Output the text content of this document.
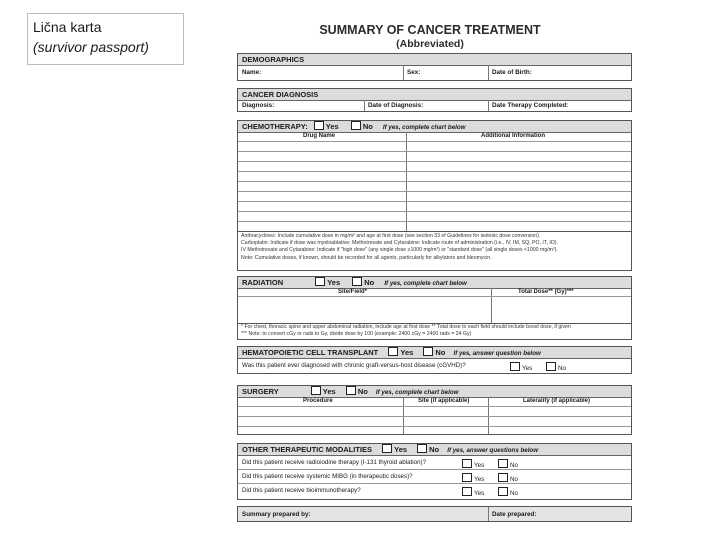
Lična karta
(survivor passport)
SUMMARY OF CANCER TREATMENT
(Abbreviated)
DEMOGRAPHICS
Name:	Sex:	Date of Birth:
CANCER DIAGNOSIS
Diagnosis:	Date of Diagnosis:	Date Therapy Completed:
CHEMOTHERAPY: Yes	No If yes, complete chart below
Drug Name	Additional Information
Anthracyclines: Include cumulative dose in mg/m² and age at first dose (see section 33 of Guidelines for isotoxic dose conversion).
Carboplatin: Indicate if dose was myeloablative; Methotrexate and Cytarabine: Indicate route of administration (i.e., IV, IM, SQ, PO, IT, IO).
IV Methotrexate and Cytarabine: Indicate if "high dose" (any single dose ≥1000 mg/m²) or "standard dose" (all single doses <1000 mg/m²).
Note: Cumulative doses, if known, should be recorded for all agents, particularly for alkylators and bleomycin.
RADIATION	Yes	No If yes, complete chart below
Site/Field*	Total Dose** (Gy)***
* For chest, thoracic spine and upper abdominal radiation, include age at first dose ** Total dose to each field should include boost dose, if given
*** Note: to convert cGy or rads to Gy, divide dose by 100 (example: 2400 cGy = 2400 rads = 24 Gy)
HEMATOPOIETIC CELL TRANSPLANT	Yes	No If yes, answer question below
Was this patient ever diagnosed with chronic graft-versus-host disease (cGVHD)?	Yes	No
SURGERY	Yes	No If yes, complete chart below
Procedure	Site (if applicable)	Laterality (if applicable)
OTHER THERAPEUTIC MODALITIES	Yes	No If yes, answer questions below
Did this patient receive radioiodine therapy (I-131 thyroid ablation)?	Yes	No
Did this patient receive systemic MIBG (in therapeutic doses)?	Yes	No
Did this patient receive bioimmunotherapy?	Yes	No
Summary prepared by:	Date prepared:
